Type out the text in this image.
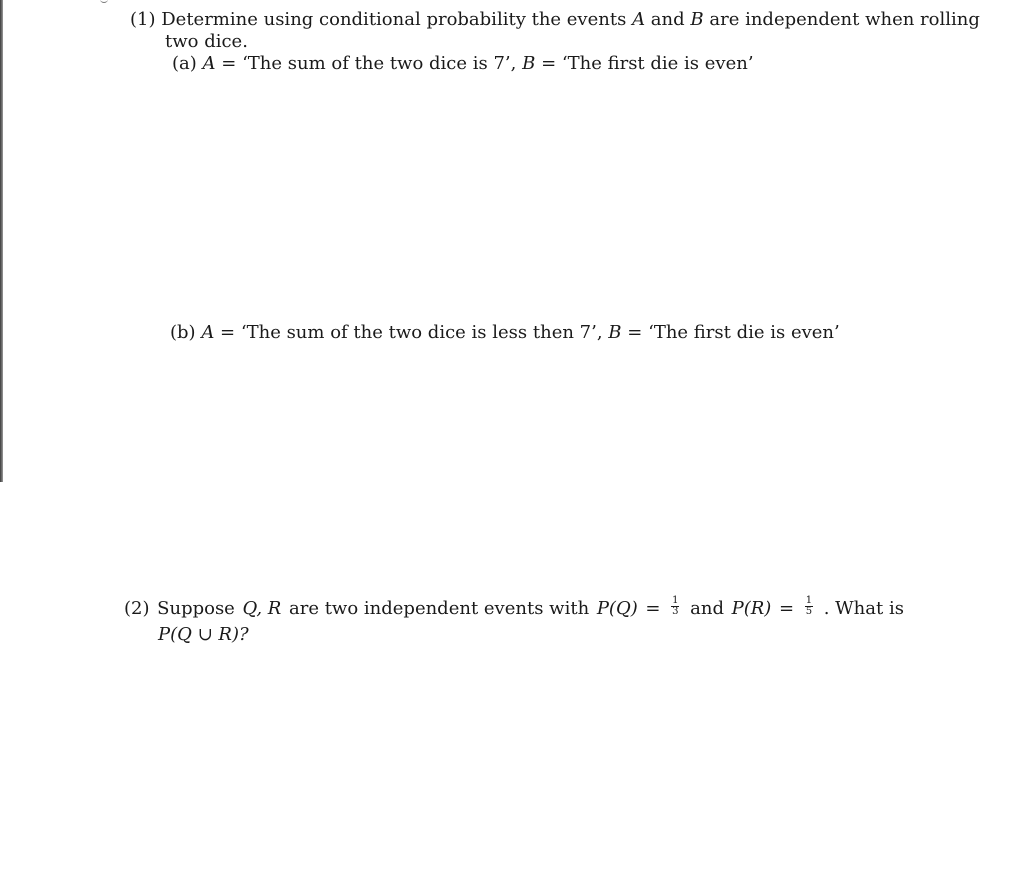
(1) Determine using conditional probability the events A and B are independent when rolling
two dice.
(a) A = ‘The sum of the two dice is 7’, B = ‘The first die is even’
(b) A = ‘The sum of the two dice is less then 7’, B = ‘The first die is even’
(2) Suppose Q, R are two independent events with $P(Q) = \frac{1}{3}$ and $P(R) = \frac{1}{5}$ . What is
P(Q ∪ R)?
